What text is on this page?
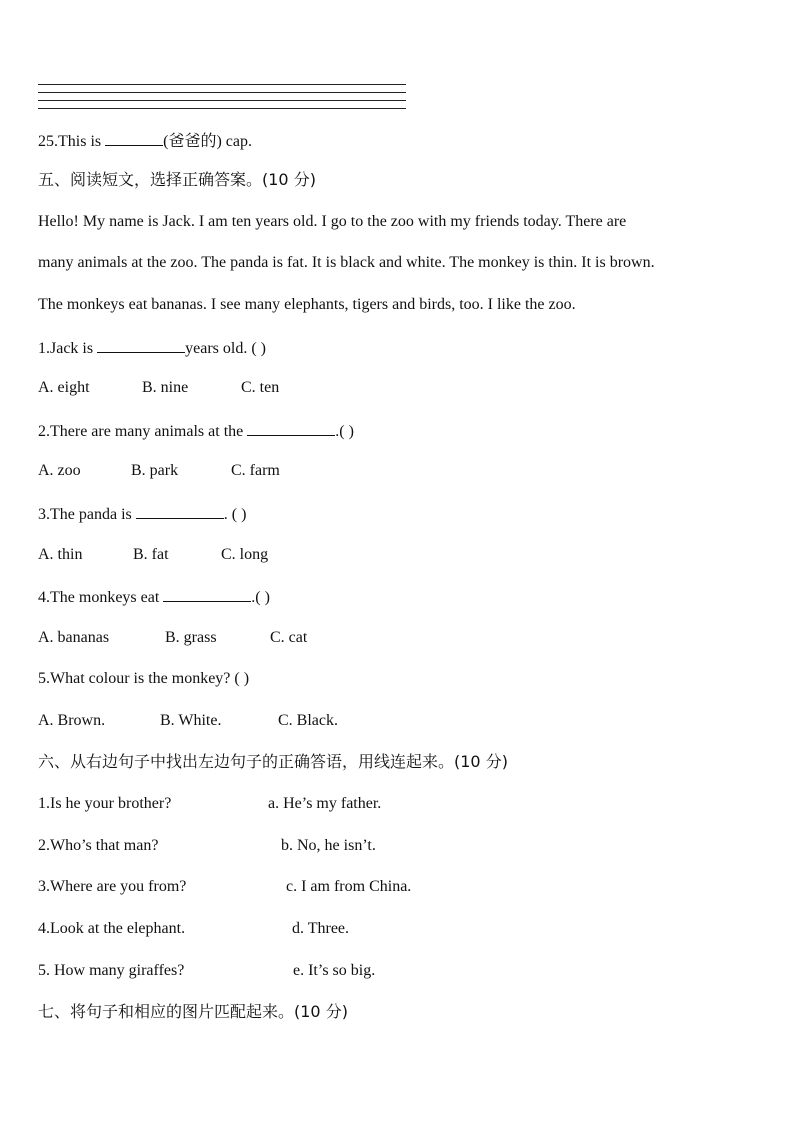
25.This is	(爸爸的) cap.
五、阅读短文，选择正确答案。(10 分)
Hello! My name is Jack. I am ten years old. I go to the zoo with my friends today. There are
many animals at the zoo. The panda is fat. It is black and white. The monkey is thin. It is brown.
The monkeys eat bananas. I see many elephants, tigers and birds, too. I like the zoo.
1.Jack is	years old. ( )
A. eight	B. nine	C. ten
2.There are many animals at the	.( )
A. zoo	B. park	C. farm
3.The panda is	. ( )
A. thin	B. fat	C. long
4.The monkeys eat	.( )
A. bananas	B. grass	C. cat
5.What colour is the monkey? ( )
A. Brown.	B. White.	C. Black.
六、从右边句子中找出左边句子的正确答语，用线连起来。(10 分)
1.Is he your brother?	a. He’s my father.
2.Who’s that man?	b. No, he isn’t.
3.Where are you from?	c. I am from China.
4.Look at the elephant.	d. Three.
5. How many giraffes?	e. It’s so big.
七、将句子和相应的图片匹配起来。(10 分)
